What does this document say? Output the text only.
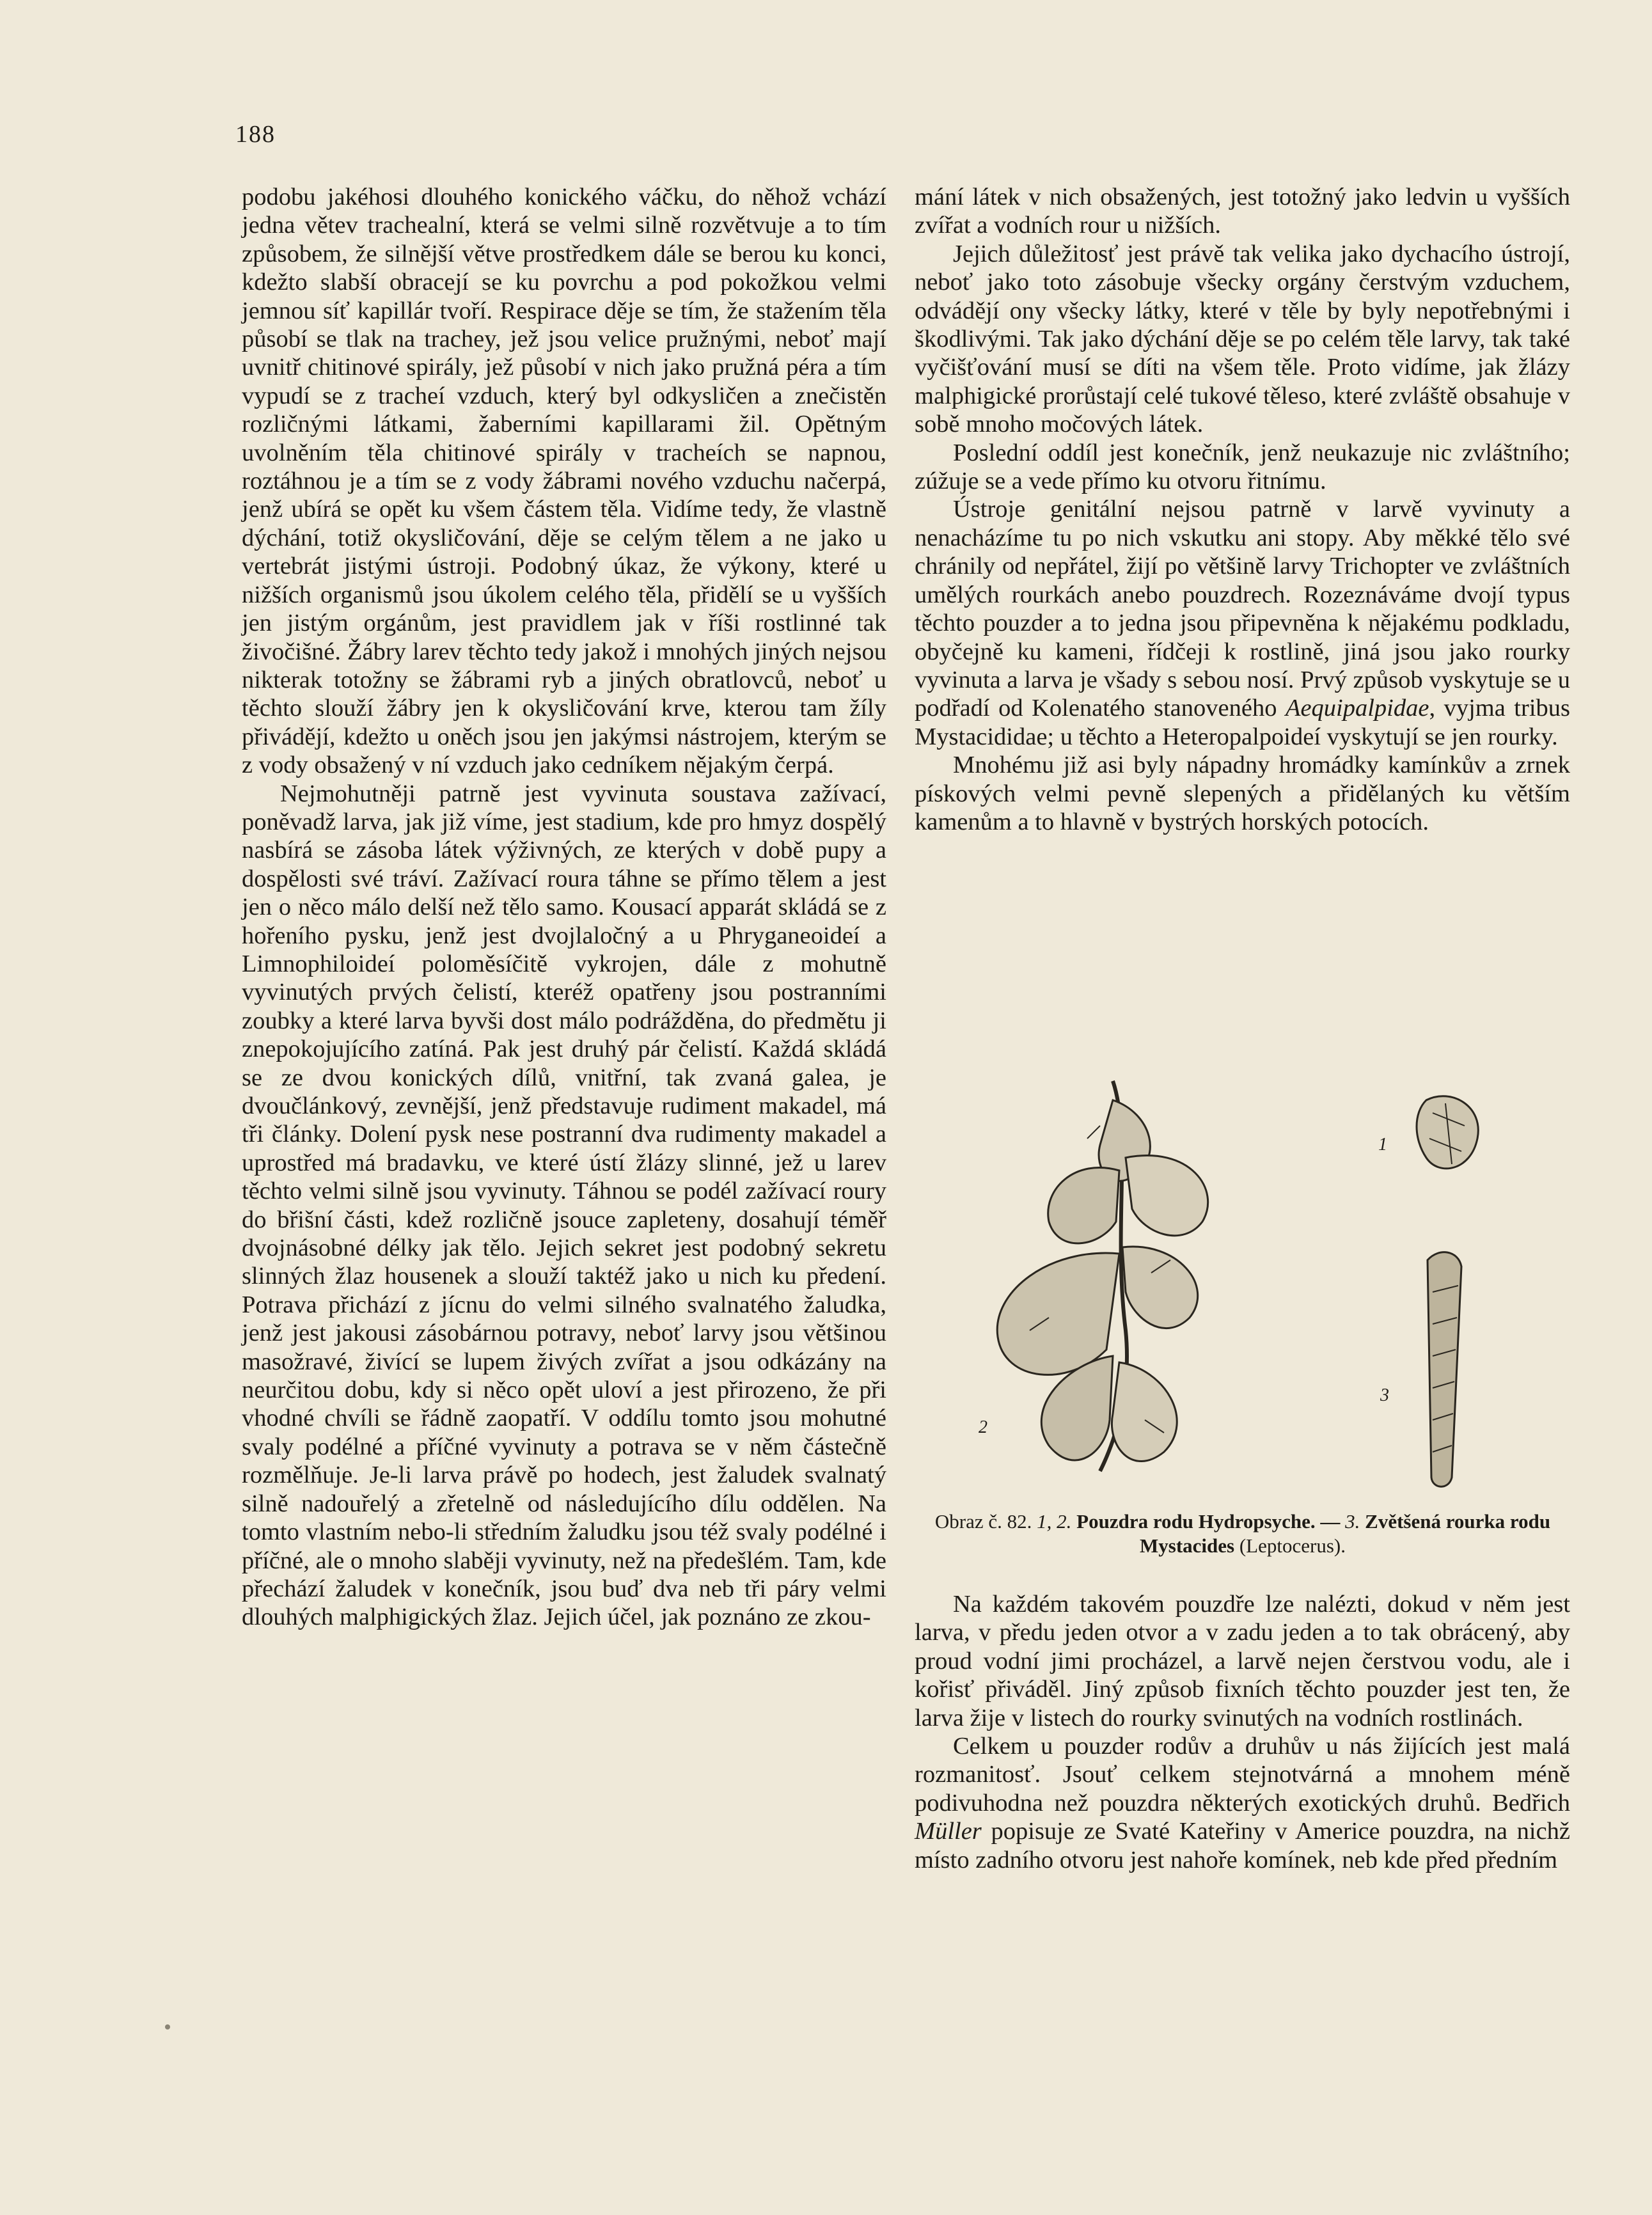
188

podobu jakéhosi dlouhého konického váčku, do něhož vchází jedna větev trachealní, která se velmi silně rozvětvuje a to tím způsobem, že silnější větve prostředkem dále se berou ku konci, kdežto slabší obracejí se ku povrchu a pod pokožkou velmi jemnou síť kapillár tvoří. Respirace děje se tím, že stažením těla působí se tlak na trachey, jež jsou velice pružnými, neboť mají uvnitř chitinové spirály, jež působí v nich jako pružná péra a tím vypudí se z tracheí vzduch, který byl odkysličen a znečistěn rozličnými látkami, žaberními kapillarami žil. Opětným uvolněním těla chitinové spirály v tracheích se napnou, roztáhnou je a tím se z vody žábrami nového vzduchu načerpá, jenž ubírá se opět ku všem částem těla. Vidíme tedy, že vlastně dýchání, totiž okysličování, děje se celým tělem a ne jako u vertebrát jistými ústroji. Podobný úkaz, že výkony, které u nižších organismů jsou úkolem celého těla, přidělí se u vyšších jen jistým orgánům, jest pravidlem jak v říši rostlinné tak živočišné. Žábry larev těchto tedy jakož i mnohých jiných nejsou nikterak totožny se žábrami ryb a jiných obratlovců, neboť u těchto slouží žábry jen k okysličování krve, kterou tam žíly přivádějí, kdežto u oněch jsou jen jakýmsi nástrojem, kterým se z vody obsažený v ní vzduch jako cedníkem nějakým čerpá.

Nejmohutněji patrně jest vyvinuta soustava zažívací, poněvadž larva, jak již víme, jest stadium, kde pro hmyz dospělý nasbírá se zásoba látek výživných, ze kterých v době pupy a dospělosti své tráví. Zažívací roura táhne se přímo tělem a jest jen o něco málo delší než tělo samo. Kousací apparát skládá se z hořeního pysku, jenž jest dvojlaločný a u Phryganeoideí a Limnophiloideí poloměsíčitě vykrojen, dále z mohutně vyvinutých prvých čelistí, kteréž opatřeny jsou postranními zoubky a které larva byvši dost málo podrážděna, do předmětu ji znepokojujícího zatíná. Pak jest druhý pár čelistí. Každá skládá se ze dvou konických dílů, vnitřní, tak zvaná galea, je dvoučlánkový, zevnější, jenž představuje rudiment makadel, má tři články. Dolení pysk nese postranní dva rudimenty makadel a uprostřed má bradavku, ve které ústí žlázy slinné, jež u larev těchto velmi silně jsou vyvinuty. Táhnou se podél zažívací roury do břišní části, kdež rozličně jsouce zapleteny, dosahují téměř dvojnásobné délky jak tělo. Jejich sekret jest podobný sekretu slinných žlaz housenek a slouží taktéž jako u nich ku předení. Potrava přichází z jícnu do velmi silného svalnatého žaludka, jenž jest jakousi zásobárnou potravy, neboť larvy jsou většinou masožravé, živící se lupem živých zvířat a jsou odkázány na neurčitou dobu, kdy si něco opět uloví a jest přirozeno, že při vhodné chvíli se řádně zaopatří. V oddílu tomto jsou mohutné svaly podélné a příčné vyvinuty a potrava se v něm částečně rozmělňuje. Je-li larva právě po hodech, jest žaludek svalnatý silně nadouřelý a zřetelně od následujícího dílu oddělen. Na tomto vlastním nebo-li středním žaludku jsou též svaly podélné i příčné, ale o mnoho slaběji vyvinuty, než na předešlém. Tam, kde přechází žaludek v konečník, jsou buď dva neb tři páry velmi dlouhých malphigických žlaz. Jejich účel, jak poznáno ze zkou-

mání látek v nich obsažených, jest totožný jako ledvin u vyšších zvířat a vodních rour u nižších.

Jejich důležitosť jest právě tak velika jako dychacího ústrojí, neboť jako toto zásobuje všecky orgány čerstvým vzduchem, odvádějí ony všecky látky, které v těle by byly nepotřebnými i škodlivými. Tak jako dýchání děje se po celém těle larvy, tak také vyčišťování musí se díti na všem těle. Proto vidíme, jak žlázy malphigické prorůstají celé tukové těleso, které zvláště obsahuje v sobě mnoho močových látek.

Poslední oddíl jest konečník, jenž neukazuje nic zvláštního; zúžuje se a vede přímo ku otvoru řitnímu.

Ústroje genitální nejsou patrně v larvě vyvinuty a nenacházíme tu po nich vskutku ani stopy. Aby měkké tělo své chránily od nepřátel, žijí po většině larvy Trichopter ve zvláštních umělých rourkách anebo pouzdrech. Rozeznáváme dvojí typus těchto pouzder a to jedna jsou připevněna k nějakému podkladu, obyčejně ku kameni, řídčeji k rostlině, jiná jsou jako rourky vyvinuta a larva je všady s sebou nosí. Prvý způsob vyskytuje se u podřadí od Kolenatého stanoveného Aequipalpidae, vyjma tribus Mystacididae; u těchto a Heteropalpoideí vyskytují se jen rourky.

Mnohému již asi byly nápadny hromádky kamínkův a zrnek pískových velmi pevně slepených a přidělaných ku větším kamenům a to hlavně v bystrých horských potocích.

1
2
3
Obraz č. 82. 1, 2. Pouzdra rodu Hydropsyche. — 3. Zvětšená rourka rodu Mystacides (Leptocerus).

Na každém takovém pouzdře lze nalézti, dokud v něm jest larva, v předu jeden otvor a v zadu jeden a to tak obrácený, aby proud vodní jimi procházel, a larvě nejen čerstvou vodu, ale i kořisť přiváděl. Jiný způsob fixních těchto pouzder jest ten, že larva žije v listech do rourky svinutých na vodních rostlinách.

Celkem u pouzder rodův a druhův u nás žijících jest malá rozmanitosť. Jsouť celkem stejnotvárná a mnohem méně podivuhodna než pouzdra některých exotických druhů. Bedřich Müller popisuje ze Svaté Kateřiny v Americe pouzdra, na nichž místo zadního otvoru jest nahoře komínek, neb kde před předním
